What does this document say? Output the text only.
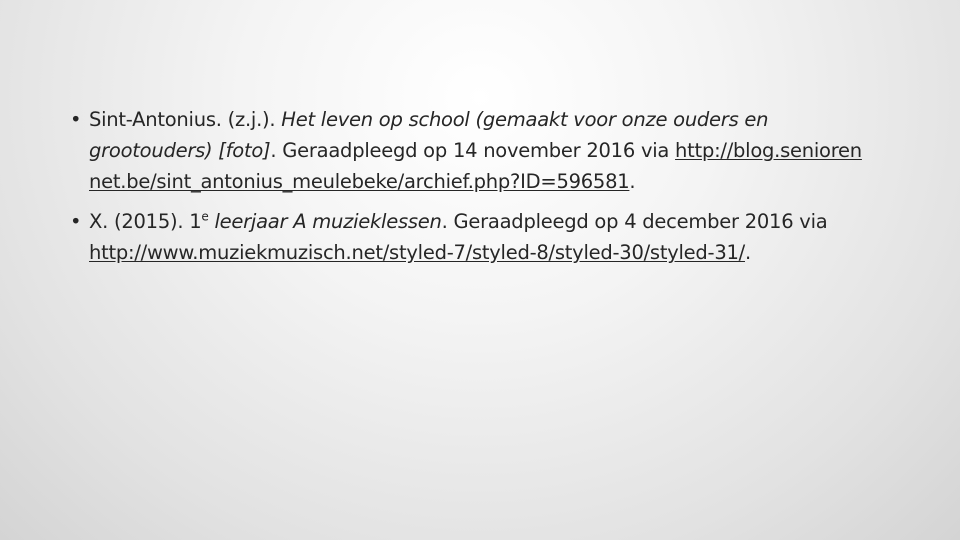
• Sint-Antonius. (z.j.). Het leven op school (gemaakt voor onze ouders en grootouders) [foto]. Geraadpleegd op 14 november 2016 via http://blog.seniorennet.be/sint_antonius_meulebeke/archief.php?ID=596581.
• X. (2015). 1e leerjaar A muzieklessen. Geraadpleegd op 4 december 2016 via http://www.muziekmuzisch.net/styled-7/styled-8/styled-30/styled-31/.
